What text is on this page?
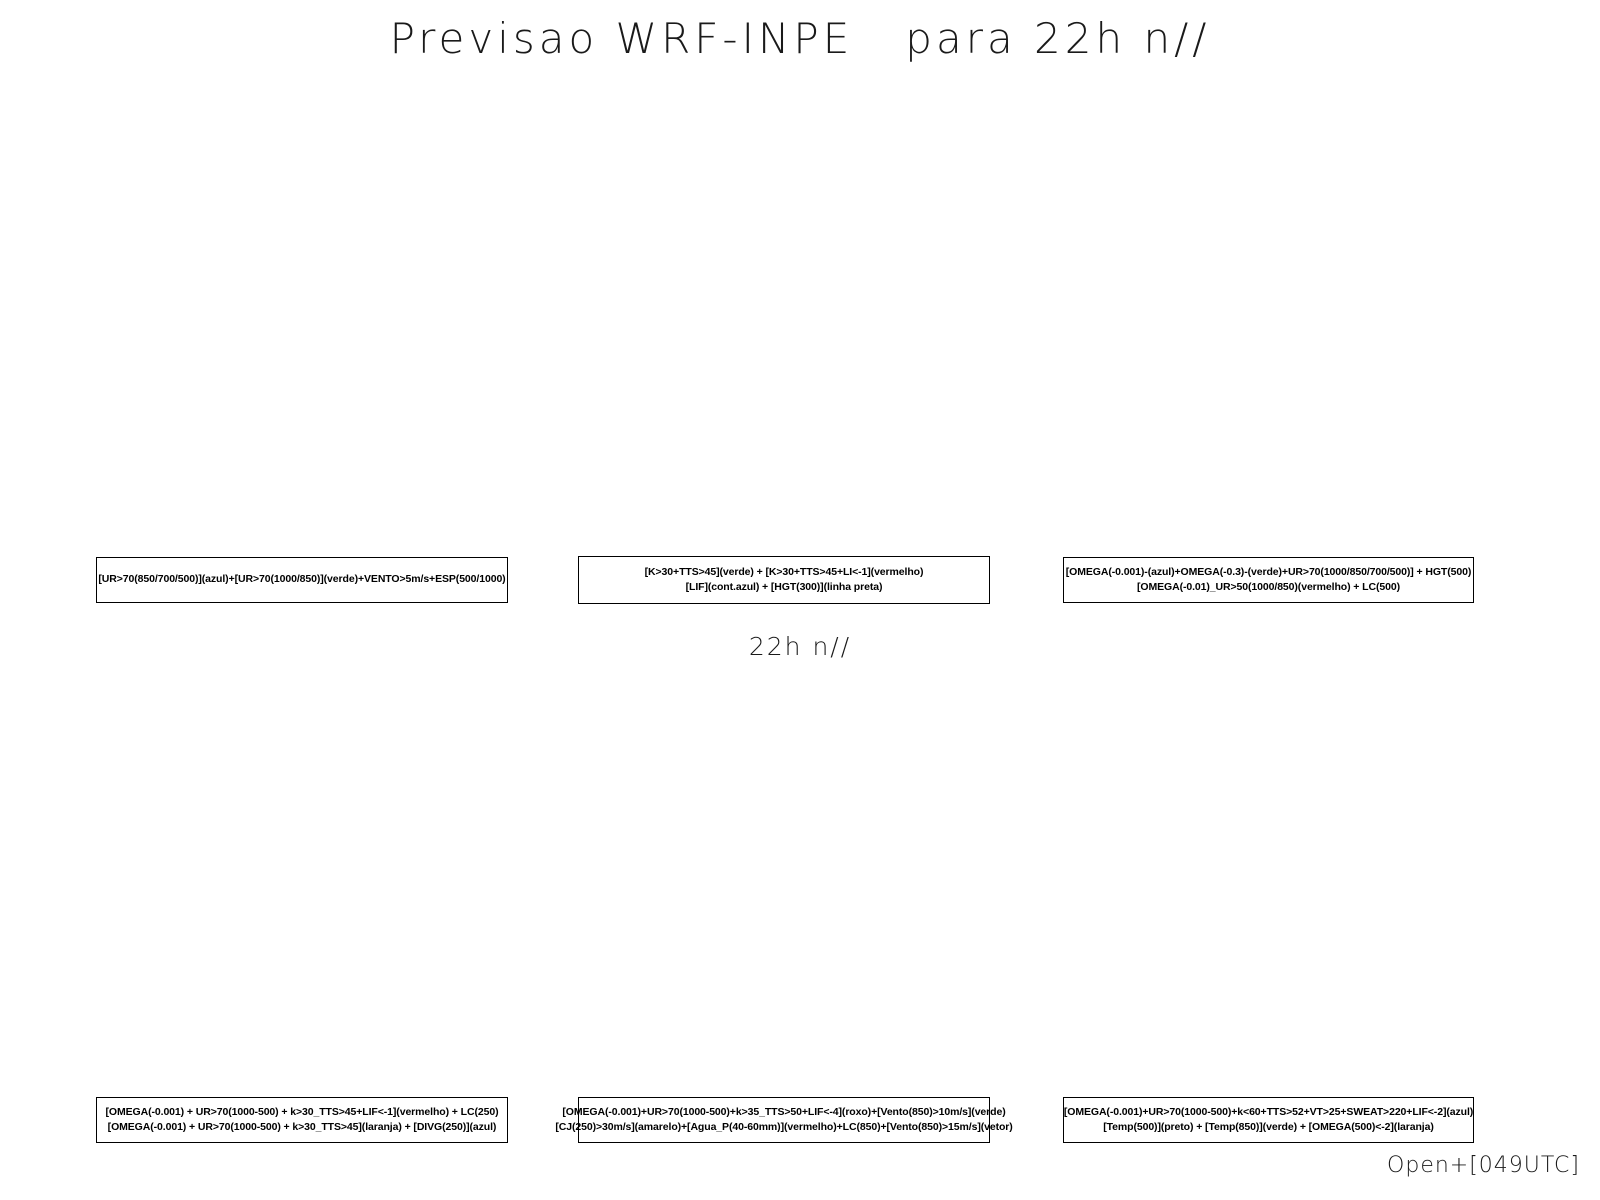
Previsao WRF-INPE   para 22h n//
[UR>70(850/700/500)](azul)+[UR>70(1000/850)](verde)+VENTO>5m/s+ESP(500/1000)
[K>30+TTS>45](verde) + [K>30+TTS>45+LI<-1](vermelho)
[LIF](cont.azul) + [HGT(300)](linha preta)
[OMEGA(-0.001)-(azul)+OMEGA(-0.3)-(verde)+UR>70(1000/850/700/500)] + HGT(500)
[OMEGA(-0.01)_UR>50(1000/850)(vermelho) + LC(500)
22h n//
[OMEGA(-0.001) + UR>70(1000-500) + k>30_TTS>45+LIF<-1](vermelho) + LC(250)
[OMEGA(-0.001) + UR>70(1000-500) + k>30_TTS>45](laranja) + [DIVG(250)](azul)
[OMEGA(-0.001)+UR>70(1000-500)+k>35_TTS>50+LIF<-4](roxo)+[Vento(850)>10m/s](verde)
[CJ(250)>30m/s](amarelo)+[Agua_P(40-60mm)](vermelho)+LC(850)+[Vento(850)>15m/s](vetor)
[OMEGA(-0.001)+UR>70(1000-500)+k<60+TTS>52+VT>25+SWEAT>220+LIF<-2](azul)
[Temp(500)](preto) + [Temp(850)](verde) + [OMEGA(500)<-2](laranja)
Open+[049UTC]
